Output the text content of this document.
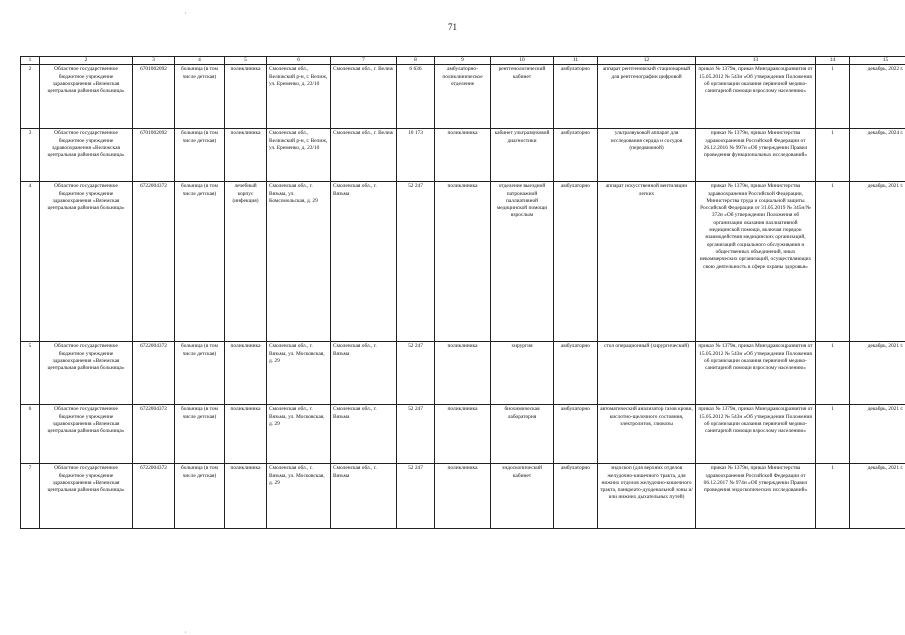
,
71
1	2	3	4	5	6	7	8	9	10	11	12	13	14	15
2	Областное государственное бюджетное учреждение здравоохранения «Вяземская центральная районная больница»	6701002092	больница (в том числе детская)	поликлиника	Смоленская обл., Велижский р-н, г. Велиж, ул. Еременко, д. 23/10	Смоленская обл., г. Велиж	6 636	амбулаторно-поликлиническое отделение	рентгенологический кабинет	амбулаторно	аппарат рентгеновский стационарный для рентгенографии цифровой	приказ № 1379н, приказ Минздравсоцразвития от 15.05.2012 № 543н «Об утверждении Положения об организации оказания первичной медико-санитарной помощи взрослому населению»	1	декабрь, 2022 г.
3	Областное государственное бюджетное учреждение здравоохранения «Велижская центральная районная больница»	6701002092	больница (в том числе детская)	поликлиника	Смоленская обл., Велижский р-н, г. Велиж, ул. Еременко, д. 23/10	Смоленская обл., г. Велиж	10 173	поликлиника	кабинет ультразвуковой диагностики	амбулаторно	ультразвуковой аппарат для исследования сердца и сосудов (передвижной)	приказ № 1379н, приказ Министерства здравоохранения Российской Федерации от 26.12.2016 № 997н «Об утверждении Правил проведения функциональных исследований»	1	декабрь, 2024 г.
4	Областное государственное бюджетное учреждение здравоохранения «Вяземская центральная районная больница»	6722004372	больница (в том числе детская)	лечебный корпус (инфекция)	Смоленская обл., г. Вязьма, ул. Комсомольская, д. 29	Смоленская обл., г. Вязьма	52 247	поликлиника	отделение выездной патронажной паллиативной медицинской помощи взрослым	амбулаторно	аппарат искусственной вентиляции легких	приказ № 1379н, приказ Министерства здравоохранения Российской Федерации, Министерства труда и социальной защиты Российской Федерации от 31.05.2019 № 345н/№ 372н «Об утверждении Положения об организации оказания паллиативной медицинской помощи, включая порядок взаимодействия медицинских организаций, организаций социального обслуживания и общественных объединений, иных некоммерческих организаций, осуществляющих свою деятельность в сфере охраны здоровья»	1	декабрь, 2021 г.
5	Областное государственное бюджетное учреждение здравоохранения «Вяземская центральная районная больница»	6722004372	больница (в том числе детская)	поликлиника	Смоленская обл., г. Вязьма, ул. Московская, д. 29	Смоленская обл., г. Вязьма	52 247	поликлиника	хирургия	амбулаторно	стол операционный (хирургический)	приказ № 1379н, приказ Минздравсоцразвития от 15.05.2012 № 543н «Об утверждении Положения об организации оказания первичной медико-санитарной помощи взрослому населению»	1	декабрь, 2021 г.
6	Областное государственное бюджетное учреждение здравоохранения «Вяземская центральная районная больница»	6722004372	больница (в том числе детская)	поликлиника	Смоленская обл., г. Вязьма, ул. Московская, д. 29	Смоленская обл., г. Вязьма	52 247	поликлиника	биохимическая лаборатория	амбулаторно	автоматический анализатор газов крови, кислотно-щелочного состояния, электролитов, глюкозы	приказ № 1379н, приказ Минздравсоцразвития от 15.05.2012 № 543н «Об утверждении Положения об организации оказания первичной медико-санитарной помощи взрослому населению»	1	декабрь, 2021 г.
7	Областное государственное бюджетное учреждение здравоохранения «Вяземская центральная районная больница»	6722004372	больница (в том числе детская)	поликлиника	Смоленская обл., г. Вязьма, ул. Московская, д. 29	Смоленская обл., г. Вязьма	52 247	поликлиника	эндоскопический кабинет	амбулаторно	эндоскоп (для верхних отделов желудочно-кишечного тракта, для нижних отделов желудочно-кишечного тракта, панкреато-дуоденальной зоны и/или нижних дыхательных путей)	приказ № 1379н, приказ Министерства здравоохранения Российской Федерации от 06.12.2017 № 974н «Об утверждении Правил проведения эндоскопических исследований»	1	декабрь, 2021 г.
,
